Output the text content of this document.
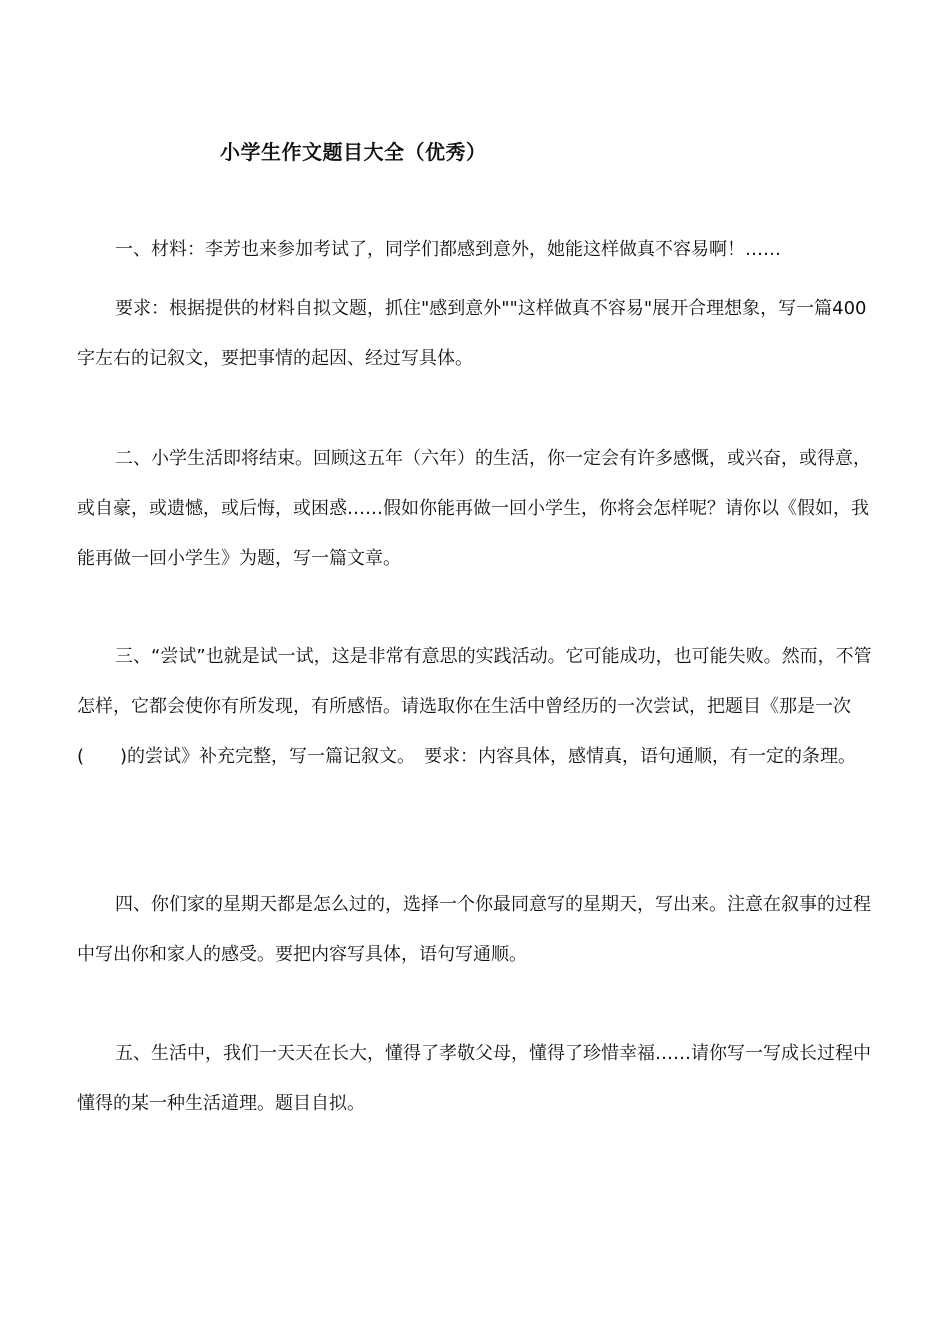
小学生作文题目大全（优秀）

一、材料：李芳也来参加考试了，同学们都感到意外，她能这样做真不容易啊！……

要求：根据提供的材料自拟文题，抓住"感到意外""这样做真不容易"展开合理想象，写一篇400字左右的记叙文，要把事情的起因、经过写具体。

二、小学生活即将结束。回顾这五年（六年）的生活，你一定会有许多感慨，或兴奋，或得意，或自豪，或遗憾，或后悔，或困惑……假如你能再做一回小学生，你将会怎样呢？请你以《假如，我能再做一回小学生》为题，写一篇文章。

三、“尝试”也就是试一试，这是非常有意思的实践活动。它可能成功，也可能失败。然而，不管怎样，它都会使你有所发现，有所感悟。请选取你在生活中曾经历的一次尝试，把题目《那是一次(　　)的尝试》补充完整，写一篇记叙文。　要求：内容具体，感情真，语句通顺，有一定的条理。

四、你们家的星期天都是怎么过的，选择一个你最同意写的星期天，写出来。注意在叙事的过程中写出你和家人的感受。要把内容写具体，语句写通顺。

五、生活中，我们一天天在长大，懂得了孝敬父母，懂得了珍惜幸福……请你写一写成长过程中懂得的某一种生活道理。题目自拟。
